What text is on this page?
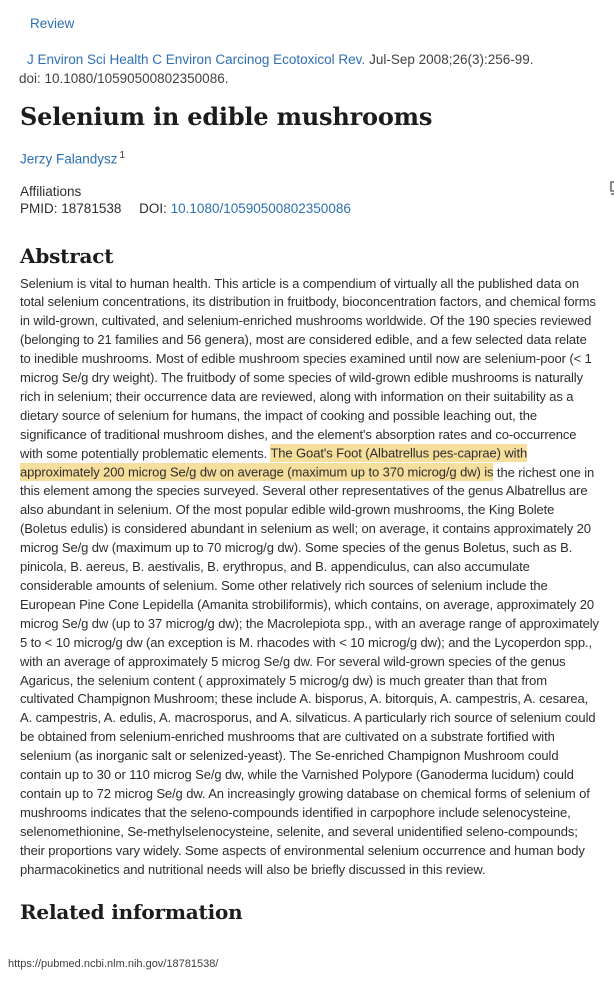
Review

J Environ Sci Health C Environ Carcinog Ecotoxicol Rev. Jul-Sep 2008;26(3):256-99.
doi: 10.1080/10590500802350086.

Selenium in edible mushrooms

Jerzy Falandysz $^1$

Affiliations
PMID: 18781538 DOI: 10.1080/10590500802350086
Abstract

Selenium is vital to human health. This article is a compendium of virtually all the published data on total selenium concentrations, its distribution in fruitbody, bioconcentration factors, and chemical forms in wild-grown, cultivated, and selenium-enriched mushrooms worldwide. Of the 190 species reviewed (belonging to 21 families and 56 genera), most are considered edible, and a few selected data relate to inedible mushrooms. Most of edible mushroom species examined until now are selenium-poor (< 1 microg Se/g dry weight). The fruitbody of some species of wild-grown edible mushrooms is naturally rich in selenium; their occurrence data are reviewed, along with information on their suitability as a dietary source of selenium for humans, the impact of cooking and possible leaching out, the significance of traditional mushroom dishes, and the element's absorption rates and co-occurrence with some potentially problematic elements. The Goat's Foot (Albatrellus pes-caprae) with approximately 200 microg Se/g dw on average (maximum up to 370 microg/g dw) is the richest one in this element among the species surveyed. Several other representatives of the genus Albatrellus are also abundant in selenium. Of the most popular edible wild-grown mushrooms, the King Bolete (Boletus edulis) is considered abundant in selenium as well; on average, it contains approximately 20 microg Se/g dw (maximum up to 70 microg/g dw). Some species of the genus Boletus, such as B. pinicola, B. aereus, B. aestivalis, B. erythropus, and B. appendiculus, can also accumulate considerable amounts of selenium. Some other relatively rich sources of selenium include the European Pine Cone Lepidella (Amanita strobiliformis), which contains, on average, approximately 20 microg Se/g dw (up to 37 microg/g dw); the Macrolepiota spp., with an average range of approximately 5 to < 10 microg/g dw (an exception is M. rhacodes with < 10 microg/g dw); and the Lycoperdon spp., with an average of approximately 5 microg Se/g dw. For several wild-grown species of the genus Agaricus, the selenium content ( approximately 5 microg/g dw) is much greater than that from cultivated Champignon Mushroom; these include A. bisporus, A. bitorquis, A. campestris, A. cesarea, A. campestris, A. edulis, A. macrosporus, and A. silvaticus. A particularly rich source of selenium could be obtained from selenium-enriched mushrooms that are cultivated on a substrate fortified with selenium (as inorganic salt or selenized-yeast). The Se-enriched Champignon Mushroom could contain up to 30 or 110 microg Se/g dw, while the Varnished Polypore (Ganoderma lucidum) could contain up to 72 microg Se/g dw. An increasingly growing database on chemical forms of selenium of mushrooms indicates that the seleno-compounds identified in carpophore include selenocysteine, selenomethionine, Se-methylselenocysteine, selenite, and several unidentified seleno-compounds; their proportions vary widely. Some aspects of environmental selenium occurrence and human body pharmacokinetics and nutritional needs will also be briefly discussed in this review.

Related information
https://pubmed.ncbi.nlm.nih.gov/18781538/
